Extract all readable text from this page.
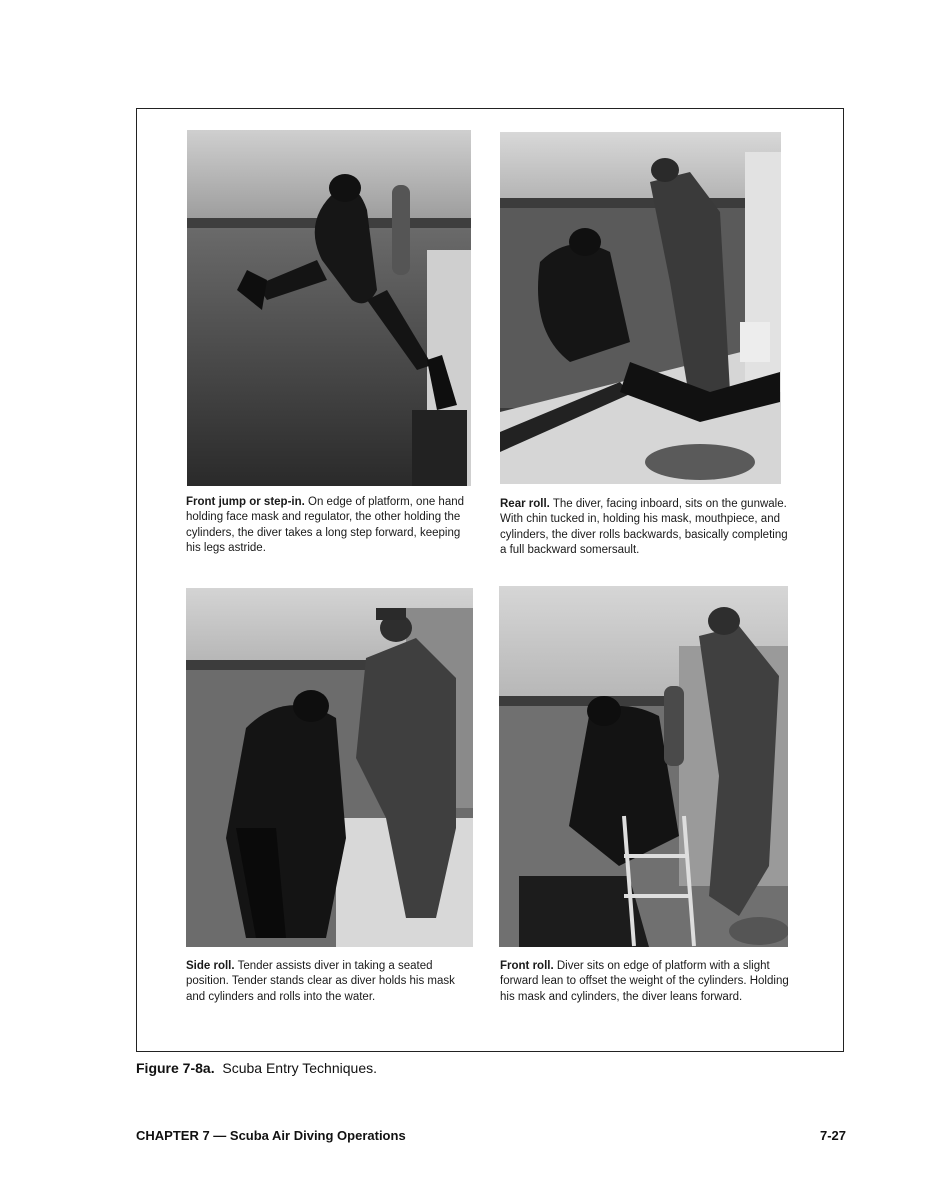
Front jump or step-in. On edge of platform, one hand holding face mask and regulator, the other holding the cylinders, the diver takes a long step forward, keeping his legs astride.
Rear roll. The diver, facing inboard, sits on the gunwale. With chin tucked in, holding his mask, mouthpiece, and cylinders, the diver rolls backwards, basically completing a full backward somersault.
Side roll. Tender assists diver in taking a seated position. Tender stands clear as diver holds his mask and cylinders and rolls into the water.
Front roll. Diver sits on edge of platform with a slight forward lean to offset the weight of the cylinders. Holding his mask and cylinders, the diver leans forward.
Figure 7-8a.  Scuba Entry Techniques.
CHAPTER 7 — Scuba Air Diving Operations	7-27
